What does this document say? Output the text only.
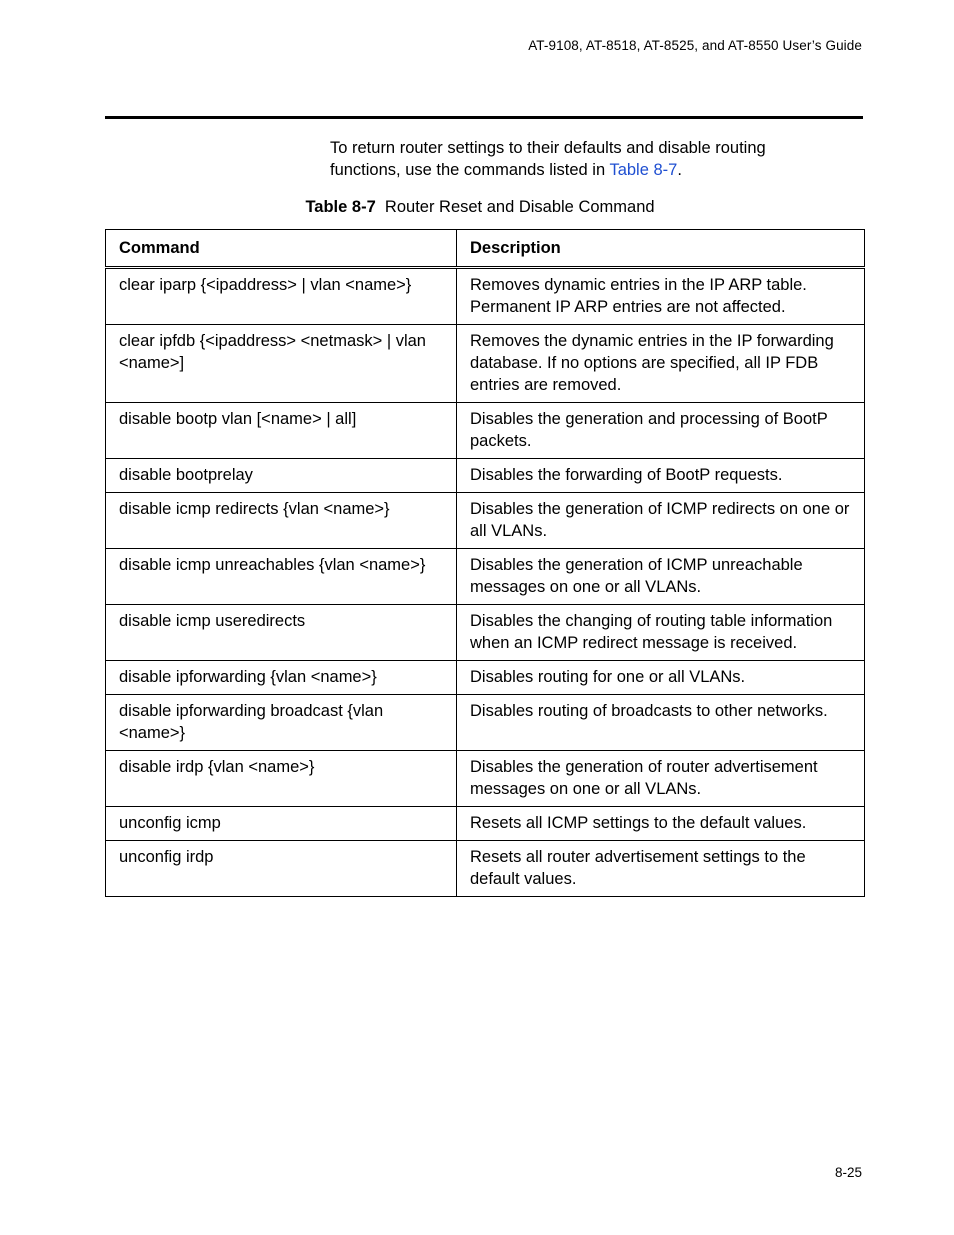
AT-9108, AT-8518, AT-8525, and AT-8550 User’s Guide

To return router settings to their defaults and disable routing functions, use the commands listed in Table 8-7.

Table 8-7 Router Reset and Disable Command
Command	Description
clear iparp {<ipaddress> | vlan <name>}	Removes dynamic entries in the IP ARP table. Permanent IP ARP entries are not affected.
clear ipfdb {<ipaddress> <netmask> | vlan <name>]	Removes the dynamic entries in the IP forwarding database. If no options are specified, all IP FDB entries are removed.
disable bootp vlan [<name> | all]	Disables the generation and processing of BootP packets.
disable bootprelay	Disables the forwarding of BootP requests.
disable icmp redirects {vlan <name>}	Disables the generation of ICMP redirects on one or all VLANs.
disable icmp unreachables {vlan <name>}	Disables the generation of ICMP unreachable messages on one or all VLANs.
disable icmp useredirects	Disables the changing of routing table information when an ICMP redirect message is received.
disable ipforwarding {vlan <name>}	Disables routing for one or all VLANs.
disable ipforwarding broadcast {vlan <name>}	Disables routing of broadcasts to other networks.
disable irdp {vlan <name>}	Disables the generation of router advertisement messages on one or all VLANs.
unconfig icmp	Resets all ICMP settings to the default values.
unconfig irdp	Resets all router advertisement settings to the default values.
8-25
